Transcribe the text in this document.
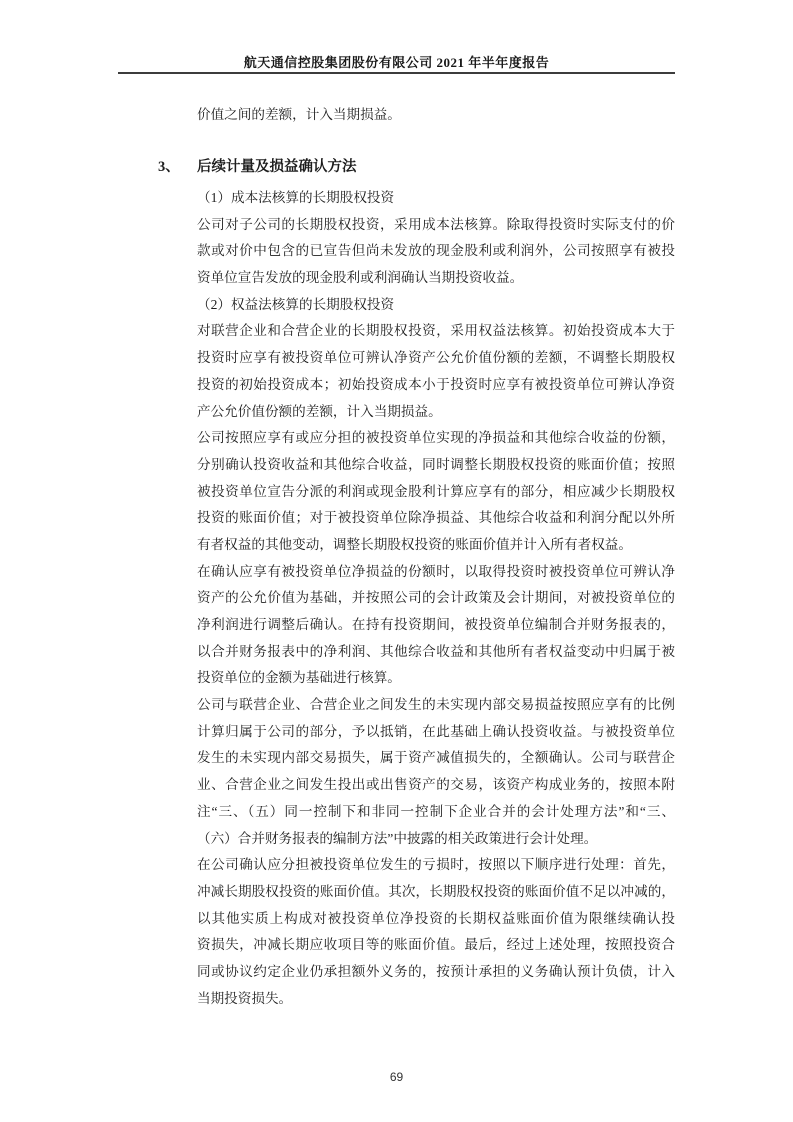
航天通信控股集团股份有限公司 2021 年半年度报告
价值之间的差额，计入当期损益。
3、 后续计量及损益确认方法
（1）成本法核算的长期股权投资
公司对子公司的长期股权投资，采用成本法核算。除取得投资时实际支付的价
款或对价中包含的已宣告但尚未发放的现金股利或利润外，公司按照享有被投
资单位宣告发放的现金股利或利润确认当期投资收益。
（2）权益法核算的长期股权投资
对联营企业和合营企业的长期股权投资，采用权益法核算。初始投资成本大于
投资时应享有被投资单位可辨认净资产公允价值份额的差额，不调整长期股权
投资的初始投资成本；初始投资成本小于投资时应享有被投资单位可辨认净资
产公允价值份额的差额，计入当期损益。
公司按照应享有或应分担的被投资单位实现的净损益和其他综合收益的份额，
分别确认投资收益和其他综合收益，同时调整长期股权投资的账面价值；按照
被投资单位宣告分派的利润或现金股利计算应享有的部分，相应减少长期股权
投资的账面价值；对于被投资单位除净损益、其他综合收益和利润分配以外所
有者权益的其他变动，调整长期股权投资的账面价值并计入所有者权益。
在确认应享有被投资单位净损益的份额时，以取得投资时被投资单位可辨认净
资产的公允价值为基础，并按照公司的会计政策及会计期间，对被投资单位的
净利润进行调整后确认。在持有投资期间，被投资单位编制合并财务报表的，
以合并财务报表中的净利润、其他综合收益和其他所有者权益变动中归属于被
投资单位的金额为基础进行核算。
公司与联营企业、合营企业之间发生的未实现内部交易损益按照应享有的比例
计算归属于公司的部分，予以抵销，在此基础上确认投资收益。与被投资单位
发生的未实现内部交易损失，属于资产减值损失的，全额确认。公司与联营企
业、合营企业之间发生投出或出售资产的交易，该资产构成业务的，按照本附
注“三、（五）同一控制下和非同一控制下企业合并的会计处理方法”和“三、
（六）合并财务报表的编制方法”中披露的相关政策进行会计处理。
在公司确认应分担被投资单位发生的亏损时，按照以下顺序进行处理：首先，
冲减长期股权投资的账面价值。其次，长期股权投资的账面价值不足以冲减的，
以其他实质上构成对被投资单位净投资的长期权益账面价值为限继续确认投
资损失，冲减长期应收项目等的账面价值。最后，经过上述处理，按照投资合
同或协议约定企业仍承担额外义务的，按预计承担的义务确认预计负债，计入
当期投资损失。
69
